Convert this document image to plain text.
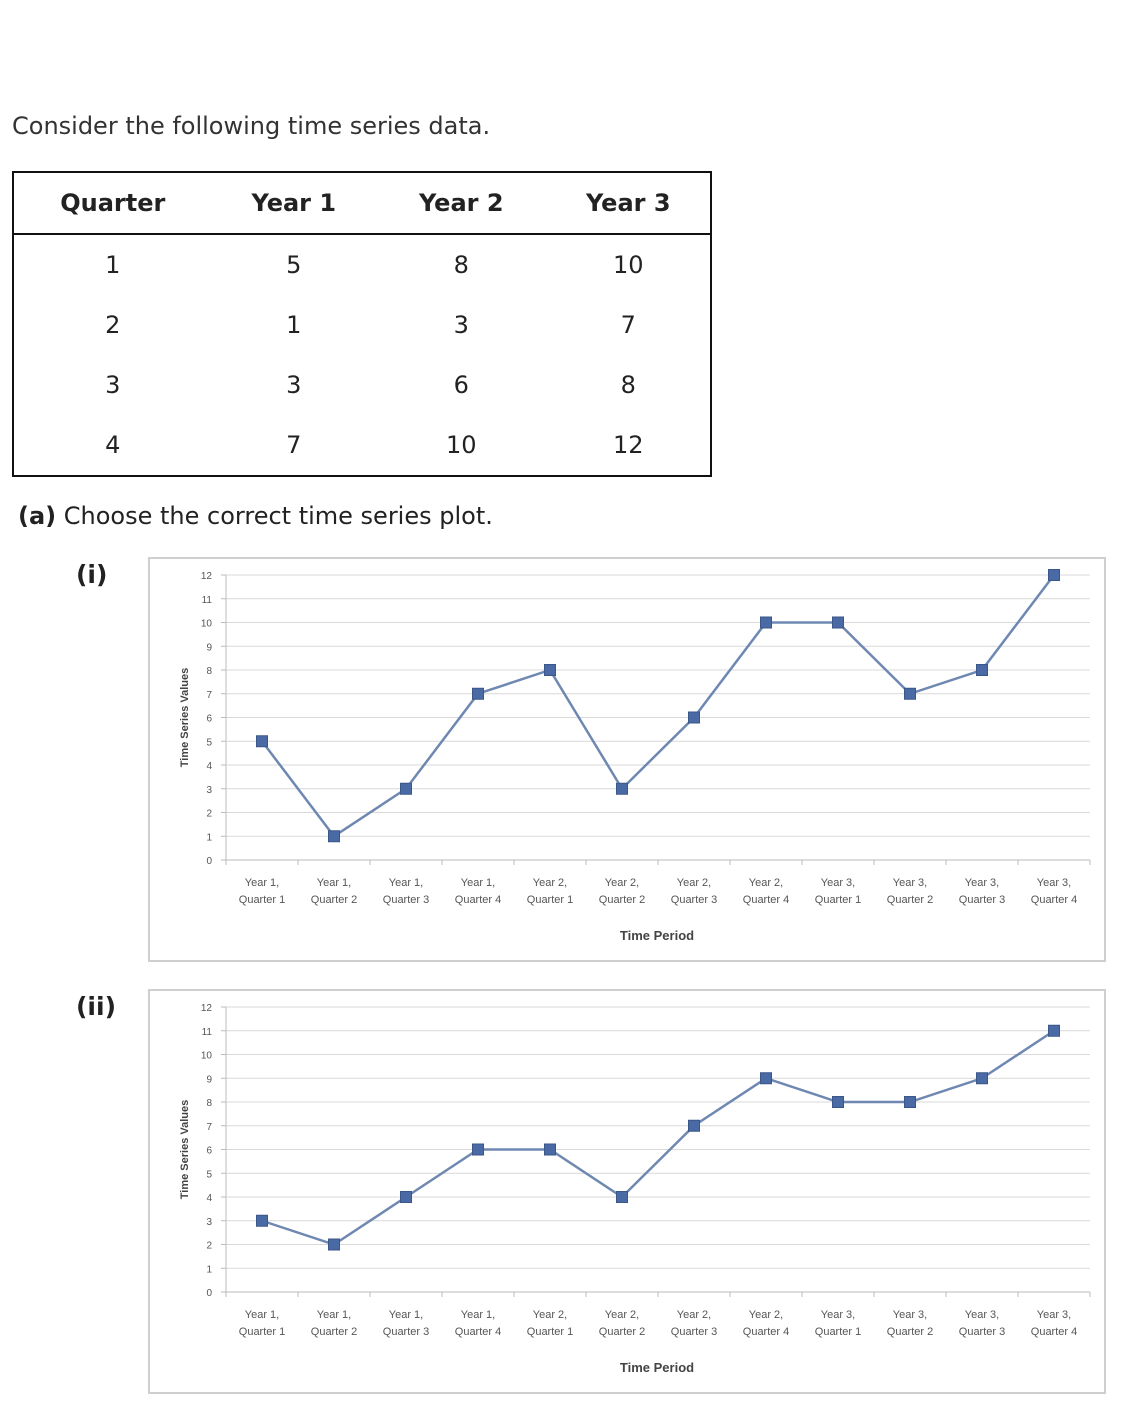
Consider the following time series data.
Quarter	Year 1	Year 2	Year 3
1	5	8	10
2	1	3	7
3	3	6	8
4	7	10	12
(a) Choose the correct time series plot.
(i)
0
1
2
3
4
5
6
7
8
9
10
11
12
Year 1, Quarter 1
Year 1, Quarter 2
Year 1, Quarter 3
Year 1, Quarter 4
Year 2, Quarter 1
Year 2, Quarter 2
Year 2, Quarter 3
Year 2, Quarter 4
Year 3, Quarter 1
Year 3, Quarter 2
Year 3, Quarter 3
Year 3, Quarter 4
Time Period
Time Series Values
(ii)
0
1
2
3
4
5
6
7
8
9
10
11
12
Year 1, Quarter 1
Year 1, Quarter 2
Year 1, Quarter 3
Year 1, Quarter 4
Year 2, Quarter 1
Year 2, Quarter 2
Year 2, Quarter 3
Year 2, Quarter 4
Year 3, Quarter 1
Year 3, Quarter 2
Year 3, Quarter 3
Year 3, Quarter 4
Time Period
Time Series Values
